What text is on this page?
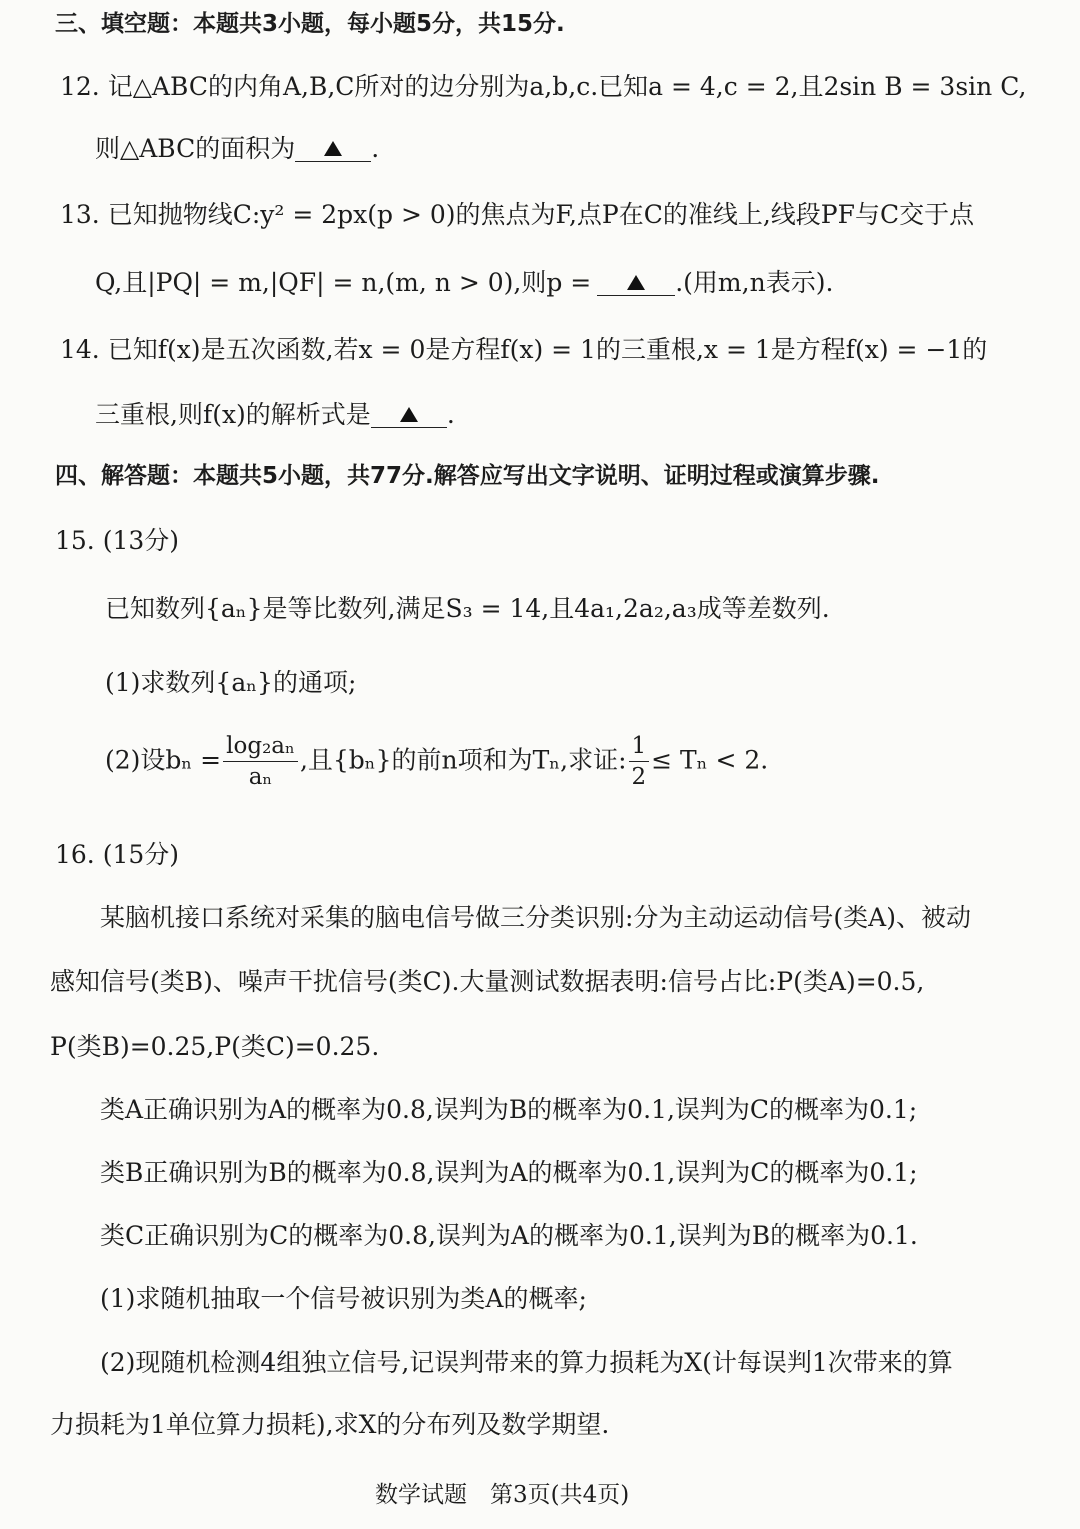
三、填空题：本题共3小题，每小题5分，共15分.
12. 记△ABC的内角A,B,C所对的边分别为a,b,c.已知a = 4,c = 2,且2sin B = 3sin C,
则△ABC的面积为	.
13. 已知抛物线C:y² = 2px(p > 0)的焦点为F,点P在C的准线上,线段PF与C交于点
Q,且|PQ| = m,|QF| = n,(m, n > 0),则p =	.(用m,n表示).
14. 已知f(x)是五次函数,若x = 0是方程f(x) = 1的三重根,x = 1是方程f(x) = −1的
三重根,则f(x)的解析式是	.
四、解答题：本题共5小题，共77分.解答应写出文字说明、证明过程或演算步骤.
15. (13分)
已知数列{aₙ}是等比数列,满足S₃ = 14,且4a₁,2a₂,a₃成等差数列.
(1)求数列{aₙ}的通项;
(2)设$b_n = \frac{\text{log₂aₙ}}{\text{aₙ}}$ ,且{bₙ}的前n项和为Tₙ,求证: $\frac{1}{2} \le T_n < 2$.
16. (15分)
某脑机接口系统对采集的脑电信号做三分类识别:分为主动运动信号(类A)、被动
感知信号(类B)、噪声干扰信号(类C).大量测试数据表明:信号占比:P(类A)=0.5,
P(类B)=0.25,P(类C)=0.25.
类A正确识别为A的概率为0.8,误判为B的概率为0.1,误判为C的概率为0.1;
类B正确识别为B的概率为0.8,误判为A的概率为0.1,误判为C的概率为0.1;
类C正确识别为C的概率为0.8,误判为A的概率为0.1,误判为B的概率为0.1.
(1)求随机抽取一个信号被识别为类A的概率;
(2)现随机检测4组独立信号,记误判带来的算力损耗为X(计每误判1次带来的算
力损耗为1单位算力损耗),求X的分布列及数学期望.
数学试题　第3页(共4页)
